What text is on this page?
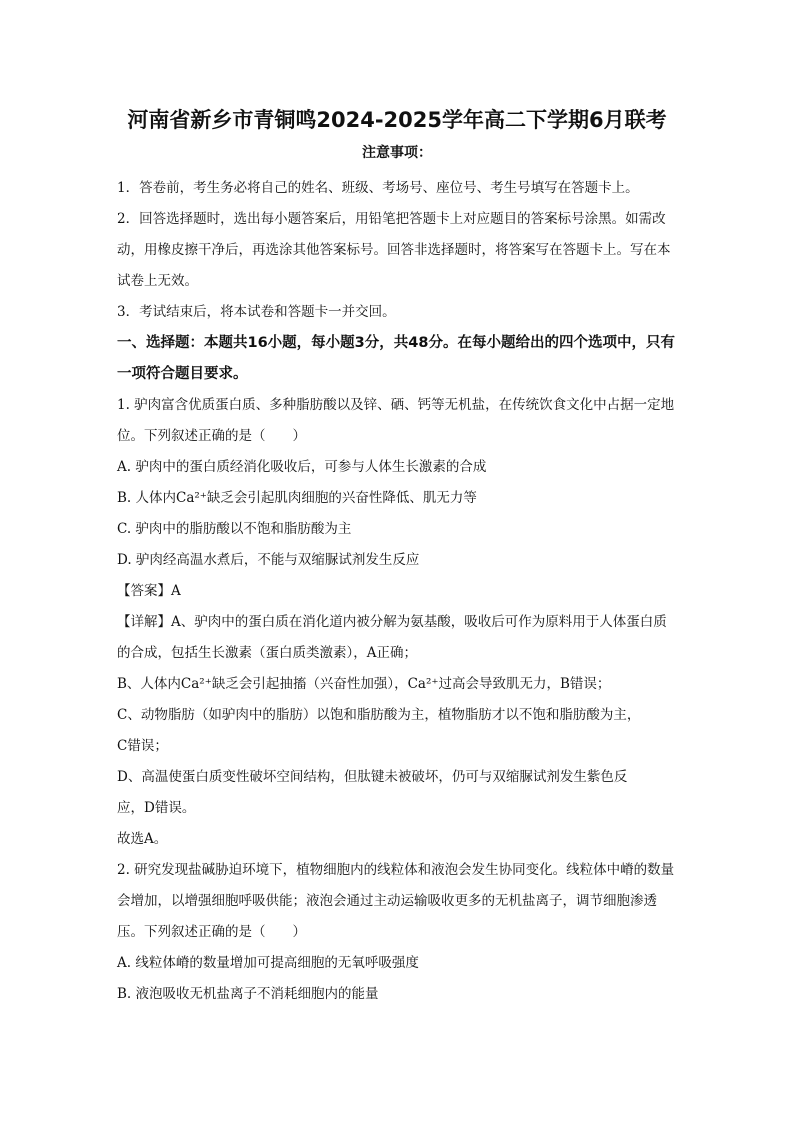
河南省新乡市青铜鸣2024-2025学年高二下学期6月联考
注意事项：

1．答卷前，考生务必将自己的姓名、班级、考场号、座位号、考生号填写在答题卡上。

2．回答选择题时，选出每小题答案后，用铅笔把答题卡上对应题目的答案标号涂黑。如需改动，用橡皮擦干净后，再选涂其他答案标号。回答非选择题时，将答案写在答题卡上。写在本试卷上无效。

3．考试结束后，将本试卷和答题卡一并交回。

一、选择题：本题共16小题，每小题3分，共48分。在每小题给出的四个选项中，只有一项符合题目要求。

1. 驴肉富含优质蛋白质、多种脂肪酸以及锌、硒、钙等无机盐，在传统饮食文化中占据一定地位。下列叙述正确的是（　　）

A. 驴肉中的蛋白质经消化吸收后，可参与人体生长激素的合成

B. 人体内Ca²⁺缺乏会引起肌肉细胞的兴奋性降低、肌无力等

C. 驴肉中的脂肪酸以不饱和脂肪酸为主

D. 驴肉经高温水煮后，不能与双缩脲试剂发生反应

【答案】A

【详解】A、驴肉中的蛋白质在消化道内被分解为氨基酸，吸收后可作为原料用于人体蛋白质的合成，包括生长激素（蛋白质类激素），A正确；

B、人体内Ca²⁺缺乏会引起抽搐（兴奋性加强），Ca²⁺过高会导致肌无力，B错误；

C、动物脂肪（如驴肉中的脂肪）以饱和脂肪酸为主，植物脂肪才以不饱和脂肪酸为主，

C错误；

D、高温使蛋白质变性破坏空间结构，但肽键未被破坏，仍可与双缩脲试剂发生紫色反

应，D错误。

故选A。

2. 研究发现盐碱胁迫环境下，植物细胞内的线粒体和液泡会发生协同变化。线粒体中嵴的数量会增加，以增强细胞呼吸供能；液泡会通过主动运输吸收更多的无机盐离子，调节细胞渗透压。下列叙述正确的是（　　）

A. 线粒体嵴的数量增加可提高细胞的无氧呼吸强度

B. 液泡吸收无机盐离子不消耗细胞内的能量
